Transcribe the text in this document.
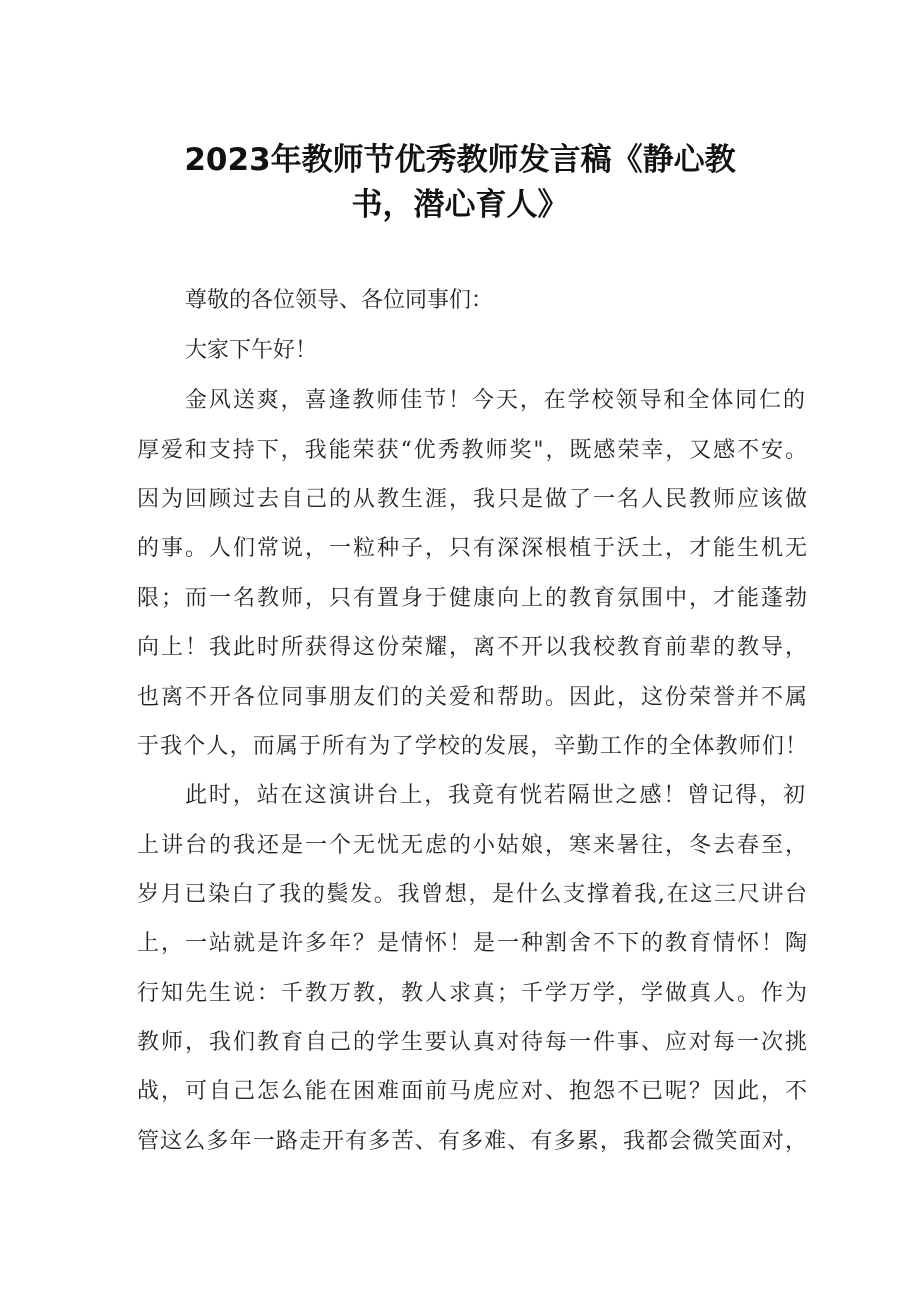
2023年教师节优秀教师发言稿《静心教
书，潜心育人》

尊敬的各位领导、各位同事们：

大家下午好！

金风送爽，喜逢教师佳节！今天，在学校领导和全体同仁的

厚爱和支持下，我能荣获“优秀教师奖"，既感荣幸，又感不安。

因为回顾过去自己的从教生涯，我只是做了一名人民教师应该做

的事。人们常说，一粒种子，只有深深根植于沃土，才能生机无

限；而一名教师，只有置身于健康向上的教育氛围中，才能蓬勃

向上！我此时所获得这份荣耀，离不开以我校教育前辈的教导，

也离不开各位同事朋友们的关爱和帮助。因此，这份荣誉并不属

于我个人，而属于所有为了学校的发展，辛勤工作的全体教师们！

此时，站在这演讲台上，我竟有恍若隔世之感！曾记得，初

上讲台的我还是一个无忧无虑的小姑娘，寒来暑往，冬去春至，

岁月已染白了我的鬓发。我曾想，是什么支撑着我,在这三尺讲台

上，一站就是许多年？是情怀！是一种割舍不下的教育情怀！陶

行知先生说：千教万教，教人求真；千学万学，学做真人。作为

教师，我们教育自己的学生要认真对待每一件事、应对每一次挑

战，可自己怎么能在困难面前马虎应对、抱怨不已呢？因此，不

管这么多年一路走开有多苦、有多难、有多累，我都会微笑面对，
